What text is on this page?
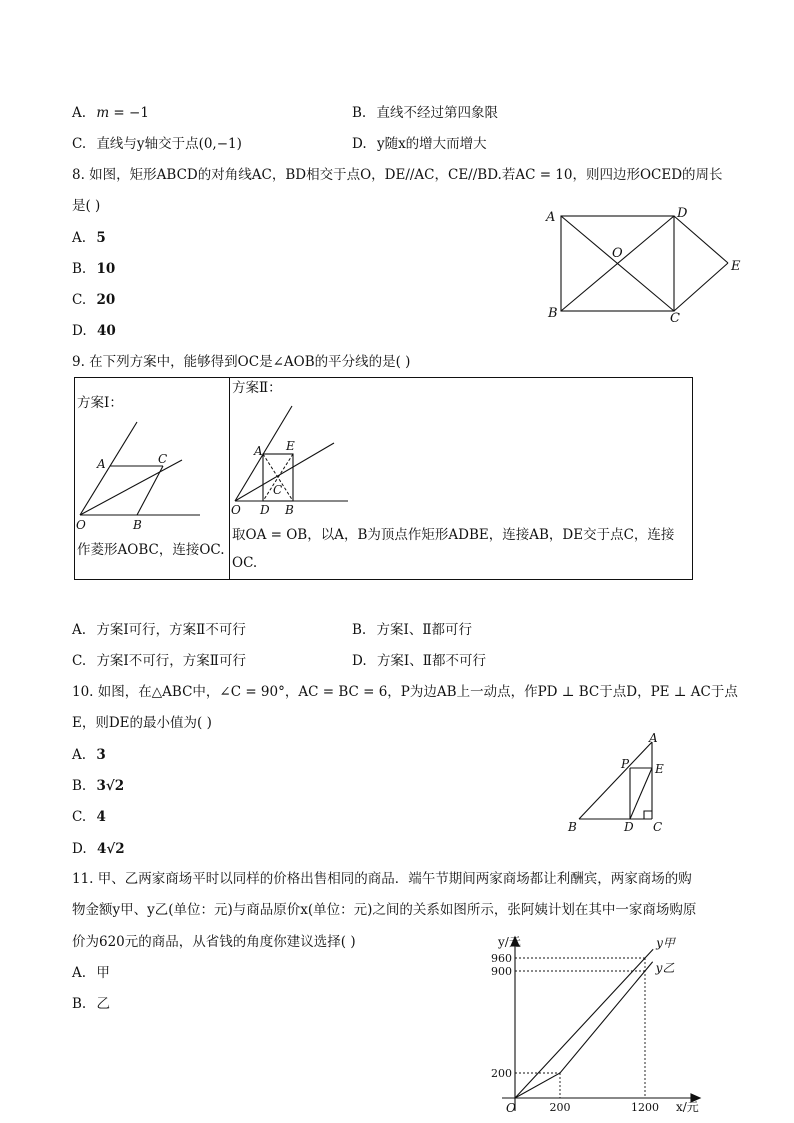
A. 𝑚 = −1	B. 直线不经过第四象限
C. 直线与y轴交于点(0,−1)	D. y随x的增大而增大
8. 如图，矩形ABCD的对角线AC，BD相交于点O，DE//AC，CE//BD.若AC = 10，则四边形OCED的周长
是( )
A. 5
B. 10
C. 20
D. 40
A	D
O
E
B	C
9. 在下列方案中，能够得到OC是∠AOB的平分线的是( )
方案Ⅰ：
A	C
O	B
作菱形AOBC，连接OC.
方案Ⅱ：
A E
C
O D B
取OA = OB，以A，B为顶点作矩形ADBE，连接AB，DE交于点C，连接
OC.
A. 方案Ⅰ可行，方案Ⅱ不可行	B. 方案Ⅰ、Ⅱ都可行
C. 方案Ⅰ不可行，方案Ⅱ可行	D. 方案Ⅰ、Ⅱ都不可行
10. 如图，在△ABC中，∠C = 90°，AC = BC = 6，P为边AB上一动点，作PD ⊥ BC于点D，PE ⊥ AC于点
E，则DE的最小值为( )
A. 3
B. 3√2
C. 4
D. 4√2
A
P E
B	D C
11. 甲、乙两家商场平时以同样的价格出售相同的商品．端午节期间两家商场都让利酬宾，两家商场的购
物金额y甲、y乙(单位：元)与商品原价x(单位：元)之间的关系如图所示，张阿姨计划在其中一家商场购原
价为620元的商品，从省钱的角度你建议选择( )
A. 甲
B. 乙
y/元
x/元
O
y甲
y乙
200
900
960
200	1200
